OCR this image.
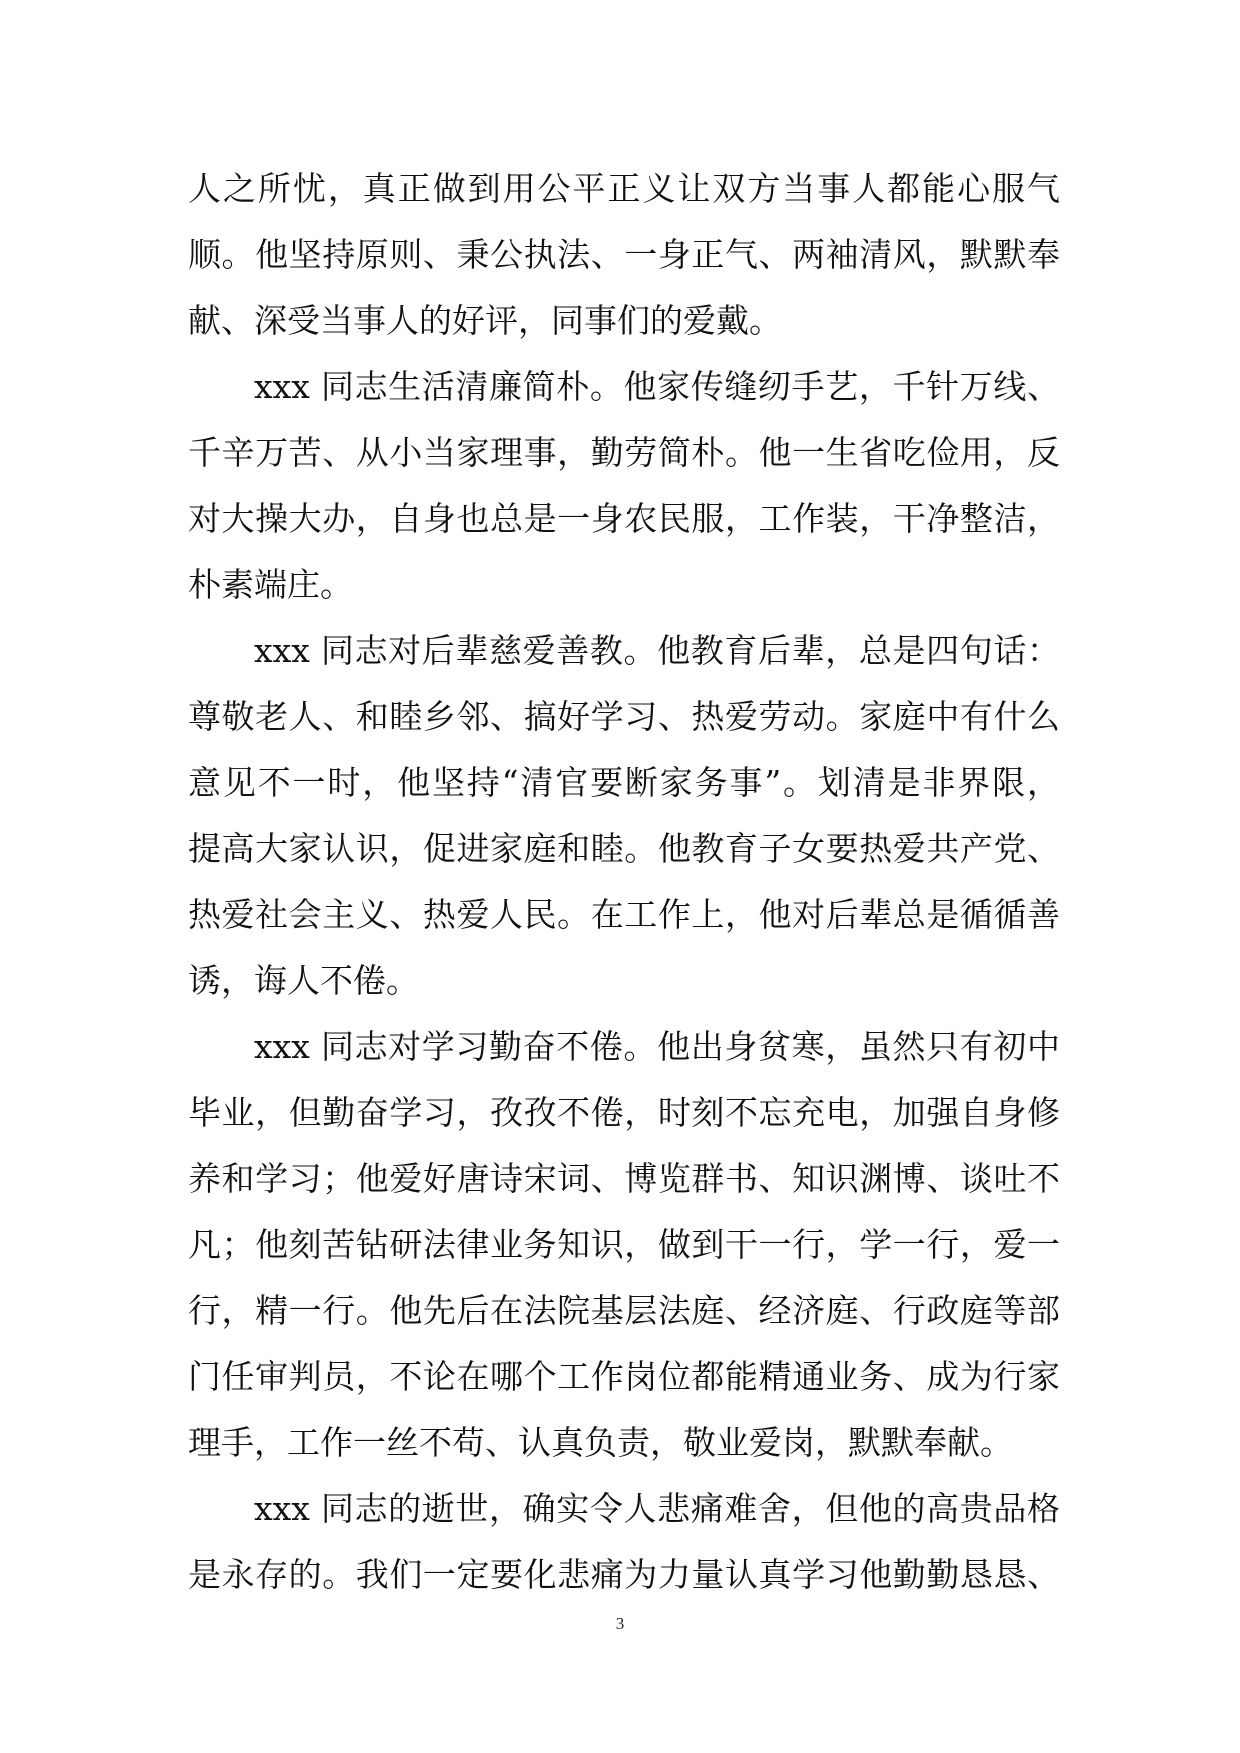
人之所忧，真正做到用公平正义让双方当事人都能心服气
顺。他坚持原则、秉公执法、一身正气、两袖清风，默默奉
献、深受当事人的好评，同事们的爱戴。
xxx 同志生活清廉简朴。他家传缝纫手艺，千针万线、
千辛万苦、从小当家理事，勤劳简朴。他一生省吃俭用，反
对大操大办，自身也总是一身农民服，工作装，干净整洁，
朴素端庄。
xxx 同志对后辈慈爱善教。他教育后辈，总是四句话：
尊敬老人、和睦乡邻、搞好学习、热爱劳动。家庭中有什么
意见不一时，他坚持“清官要断家务事”。划清是非界限，
提高大家认识，促进家庭和睦。他教育子女要热爱共产党、
热爱社会主义、热爱人民。在工作上，他对后辈总是循循善
诱，诲人不倦。
xxx 同志对学习勤奋不倦。他出身贫寒，虽然只有初中
毕业，但勤奋学习，孜孜不倦，时刻不忘充电，加强自身修
养和学习；他爱好唐诗宋词、博览群书、知识渊博、谈吐不
凡；他刻苦钻研法律业务知识，做到干一行，学一行，爱一
行，精一行。他先后在法院基层法庭、经济庭、行政庭等部
门任审判员，不论在哪个工作岗位都能精通业务、成为行家
理手，工作一丝不苟、认真负责，敬业爱岗，默默奉献。
xxx 同志的逝世，确实令人悲痛难舍，但他的高贵品格
是永存的。我们一定要化悲痛为力量认真学习他勤勤恳恳、
3
